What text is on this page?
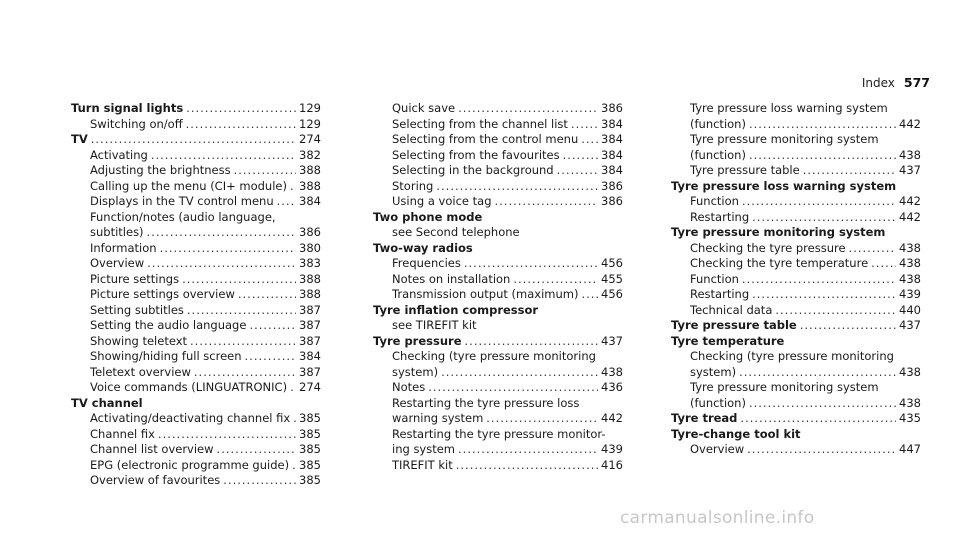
Index 577
Turn signal lights .....	129
Switching on/off .....	129
TV .....	274
Activating .....	382
Adjusting the brightness .....	388
Calling up the menu (CI+ module) ..... 388
Displays in the TV control menu ..... 384
Function/notes (audio language,
subtitles) .....	386
Information .....	380
Overview .....	383
Picture settings .....	388
Picture settings overview .....	388
Setting subtitles .....	387
Setting the audio language .....	387
Showing teletext .....	387
Showing/hiding full screen .....	384
Teletext overview .....	387
Voice commands (LINGUATRONIC) ..... 274
TV channel
Activating/deactivating channel fix ..... 385
Channel fix .....	385
Channel list overview .....	385
EPG (electronic programme guide) ..... 385
Overview of favourites .....	385
Quick save .....	386
Selecting from the channel list .....	384
Selecting from the control menu ..... 384
Selecting from the favourites .....	384
Selecting in the background .....	384
Storing .....	386
Using a voice tag .....	386
Two phone mode
see Second telephone
Two-way radios
Frequencies .....	456
Notes on installation .....	455
Transmission output (maximum) ..... 456
Tyre inflation compressor
see TIREFIT kit
Tyre pressure .....	437
Checking (tyre pressure monitoring
system) .....	438
Notes .....	436
Restarting the tyre pressure loss
warning system .....	442
Restarting the tyre pressure monitor-
ing system .....	439
TIREFIT kit .....	416
Tyre pressure loss warning system
(function) .....	442
Tyre pressure monitoring system
(function) .....	438
Tyre pressure table .....	437
Tyre pressure loss warning system
Function .....	442
Restarting .....	442
Tyre pressure monitoring system
Checking the tyre pressure .....	438
Checking the tyre temperature .....	438
Function .....	438
Restarting .....	439
Technical data .....	440
Tyre pressure table .....	437
Tyre temperature
Checking (tyre pressure monitoring
system) .....	438
Tyre pressure monitoring system
(function) .....	438
Tyre tread .....	435
Tyre-change tool kit
Overview .....	447
carmanualsonline.info
